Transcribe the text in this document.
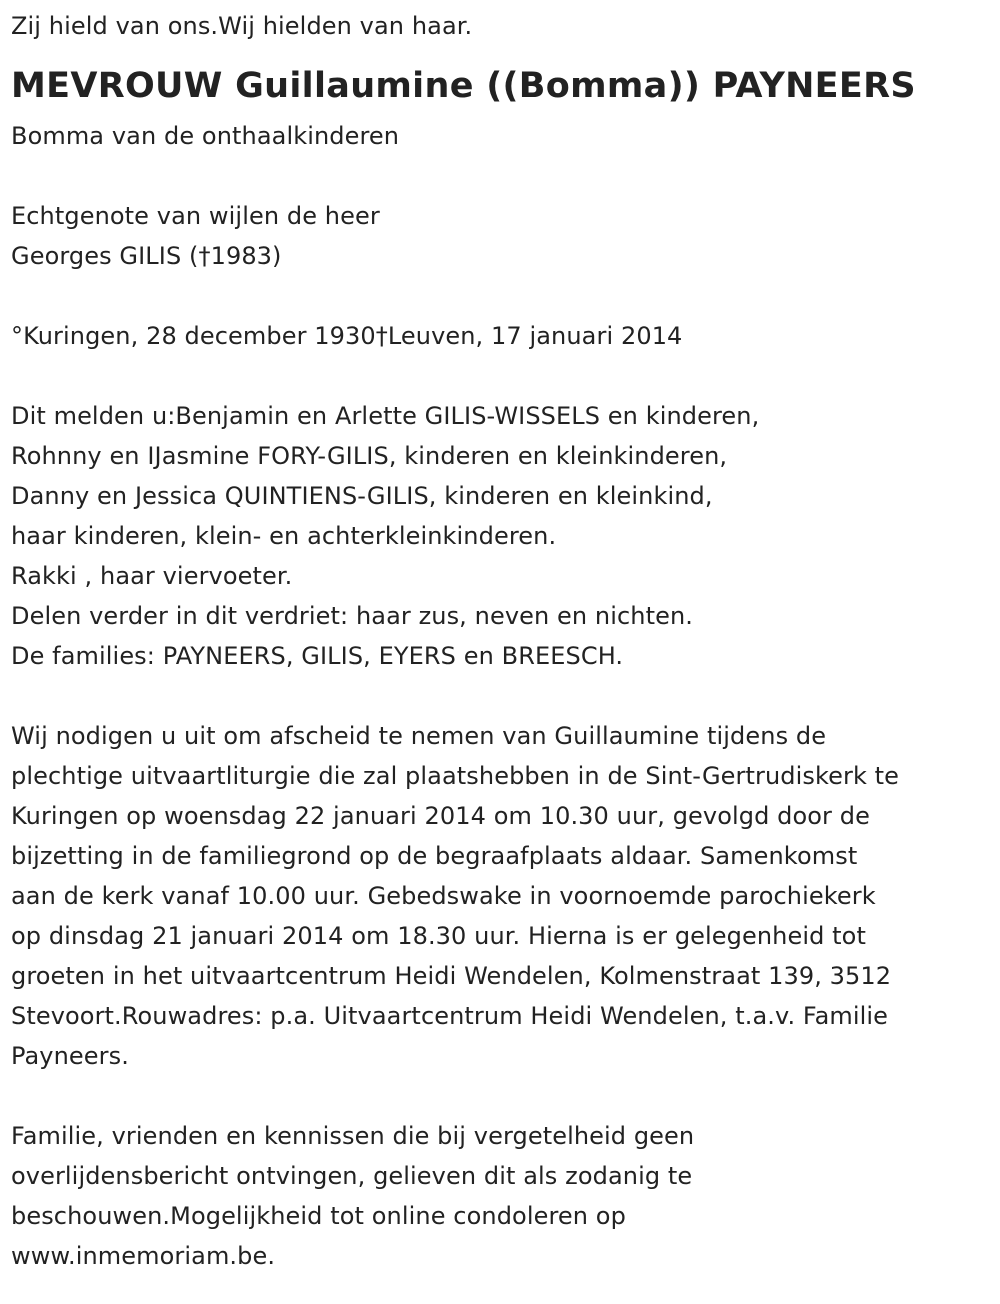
Zij hield van ons.Wij hielden van haar.
MEVROUW Guillaumine ((Bomma)) PAYNEERS
Bomma van de onthaalkinderen
Echtgenote van wijlen de heer
Georges GILIS (†1983)
°Kuringen, 28 december 1930†Leuven, 17 januari 2014
Dit melden u:Benjamin en Arlette GILIS-WISSELS en kinderen,
Rohnny en IJasmine FORY-GILIS, kinderen en kleinkinderen,
Danny en Jessica QUINTIENS-GILIS, kinderen en kleinkind,
haar kinderen, klein- en achterkleinkinderen.
Rakki , haar viervoeter.
Delen verder in dit verdriet: haar zus, neven en nichten.
De families: PAYNEERS, GILIS, EYERS en BREESCH.
Wij nodigen u uit om afscheid te nemen van Guillaumine tijdens de
plechtige uitvaartliturgie die zal plaatshebben in de Sint-Gertrudiskerk te
Kuringen op woensdag 22 januari 2014 om 10.30 uur, gevolgd door de
bijzetting in de familiegrond op de begraafplaats aldaar. Samenkomst
aan de kerk vanaf 10.00 uur. Gebedswake in voornoemde parochiekerk
op dinsdag 21 januari 2014 om 18.30 uur. Hierna is er gelegenheid tot
groeten in het uitvaartcentrum Heidi Wendelen, Kolmenstraat 139, 3512
Stevoort.Rouwadres: p.a. Uitvaartcentrum Heidi Wendelen, t.a.v. Familie
Payneers.
Familie, vrienden en kennissen die bij vergetelheid geen
overlijdensbericht ontvingen, gelieven dit als zodanig te
beschouwen.Mogelijkheid tot online condoleren op
www.inmemoriam.be.
